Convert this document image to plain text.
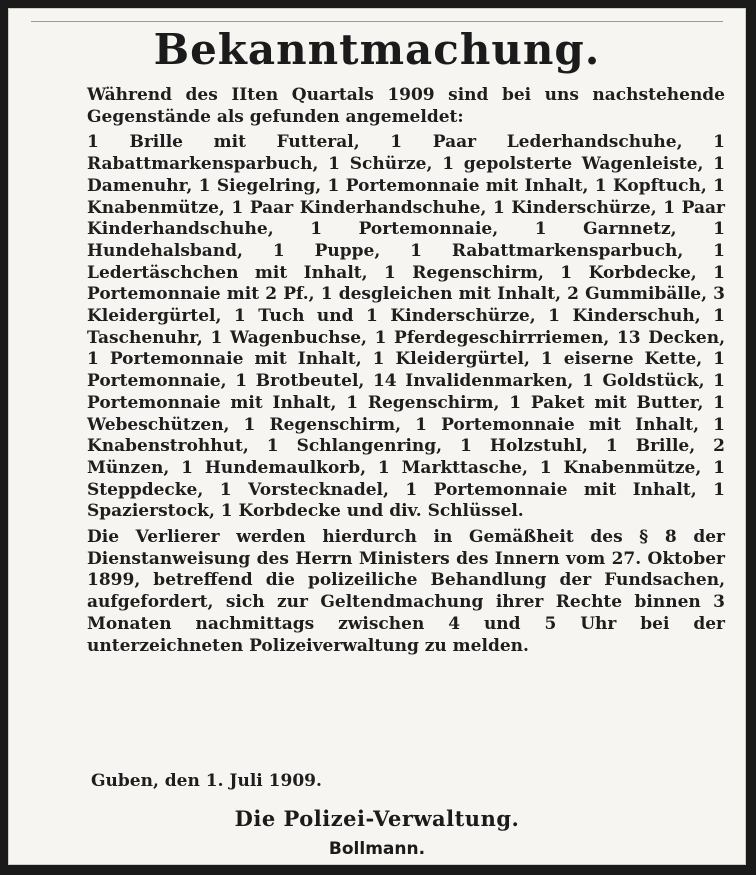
Bekanntmachung.

Während des IIten Quartals 1909 sind bei uns nachstehende Gegenstände als gefunden angemeldet:

1 Brille mit Futteral, 1 Paar Lederhandschuhe, 1 Rabattmarkensparbuch, 1 Schürze, 1 gepolsterte Wagenleiste, 1 Damenuhr, 1 Siegelring, 1 Portemonnaie mit Inhalt, 1 Kopftuch, 1 Knabenmütze, 1 Paar Kinderhandschuhe, 1 Kinderschürze, 1 Paar Kinderhandschuhe, 1 Portemonnaie, 1 Garnnetz, 1 Hundehalsband, 1 Puppe, 1 Rabattmarkensparbuch, 1 Ledertäschchen mit Inhalt, 1 Regenschirm, 1 Korbdecke, 1 Portemonnaie mit 2 Pf., 1 desgleichen mit Inhalt, 2 Gummibälle, 3 Kleidergürtel, 1 Tuch und 1 Kinderschürze, 1 Kinderschuh, 1 Taschenuhr, 1 Wagenbuchse, 1 Pferdegeschirrriemen, 13 Decken, 1 Portemonnaie mit Inhalt, 1 Kleidergürtel, 1 eiserne Kette, 1 Portemonnaie, 1 Brotbeutel, 14 Invalidenmarken, 1 Goldstück, 1 Portemonnaie mit Inhalt, 1 Regenschirm, 1 Paket mit Butter, 1 Webeschützen, 1 Regenschirm, 1 Portemonnaie mit Inhalt, 1 Knabenstrohhut, 1 Schlangenring, 1 Holzstuhl, 1 Brille, 2 Münzen, 1 Hundemaulkorb, 1 Markttasche, 1 Knabenmütze, 1 Steppdecke, 1 Vorstecknadel, 1 Portemonnaie mit Inhalt, 1 Spazierstock, 1 Korbdecke und div. Schlüssel.

Die Verlierer werden hierdurch in Gemäßheit des § 8 der Dienstanweisung des Herrn Ministers des Innern vom 27. Oktober 1899, betreffend die polizeiliche Behandlung der Fundsachen, aufgefordert, sich zur Geltendmachung ihrer Rechte binnen 3 Monaten nachmittags zwischen 4 und 5 Uhr bei der unterzeichneten Polizeiverwaltung zu melden.

Guben, den 1. Juli 1909.
Die Polizei-Verwaltung.
Bollmann.
